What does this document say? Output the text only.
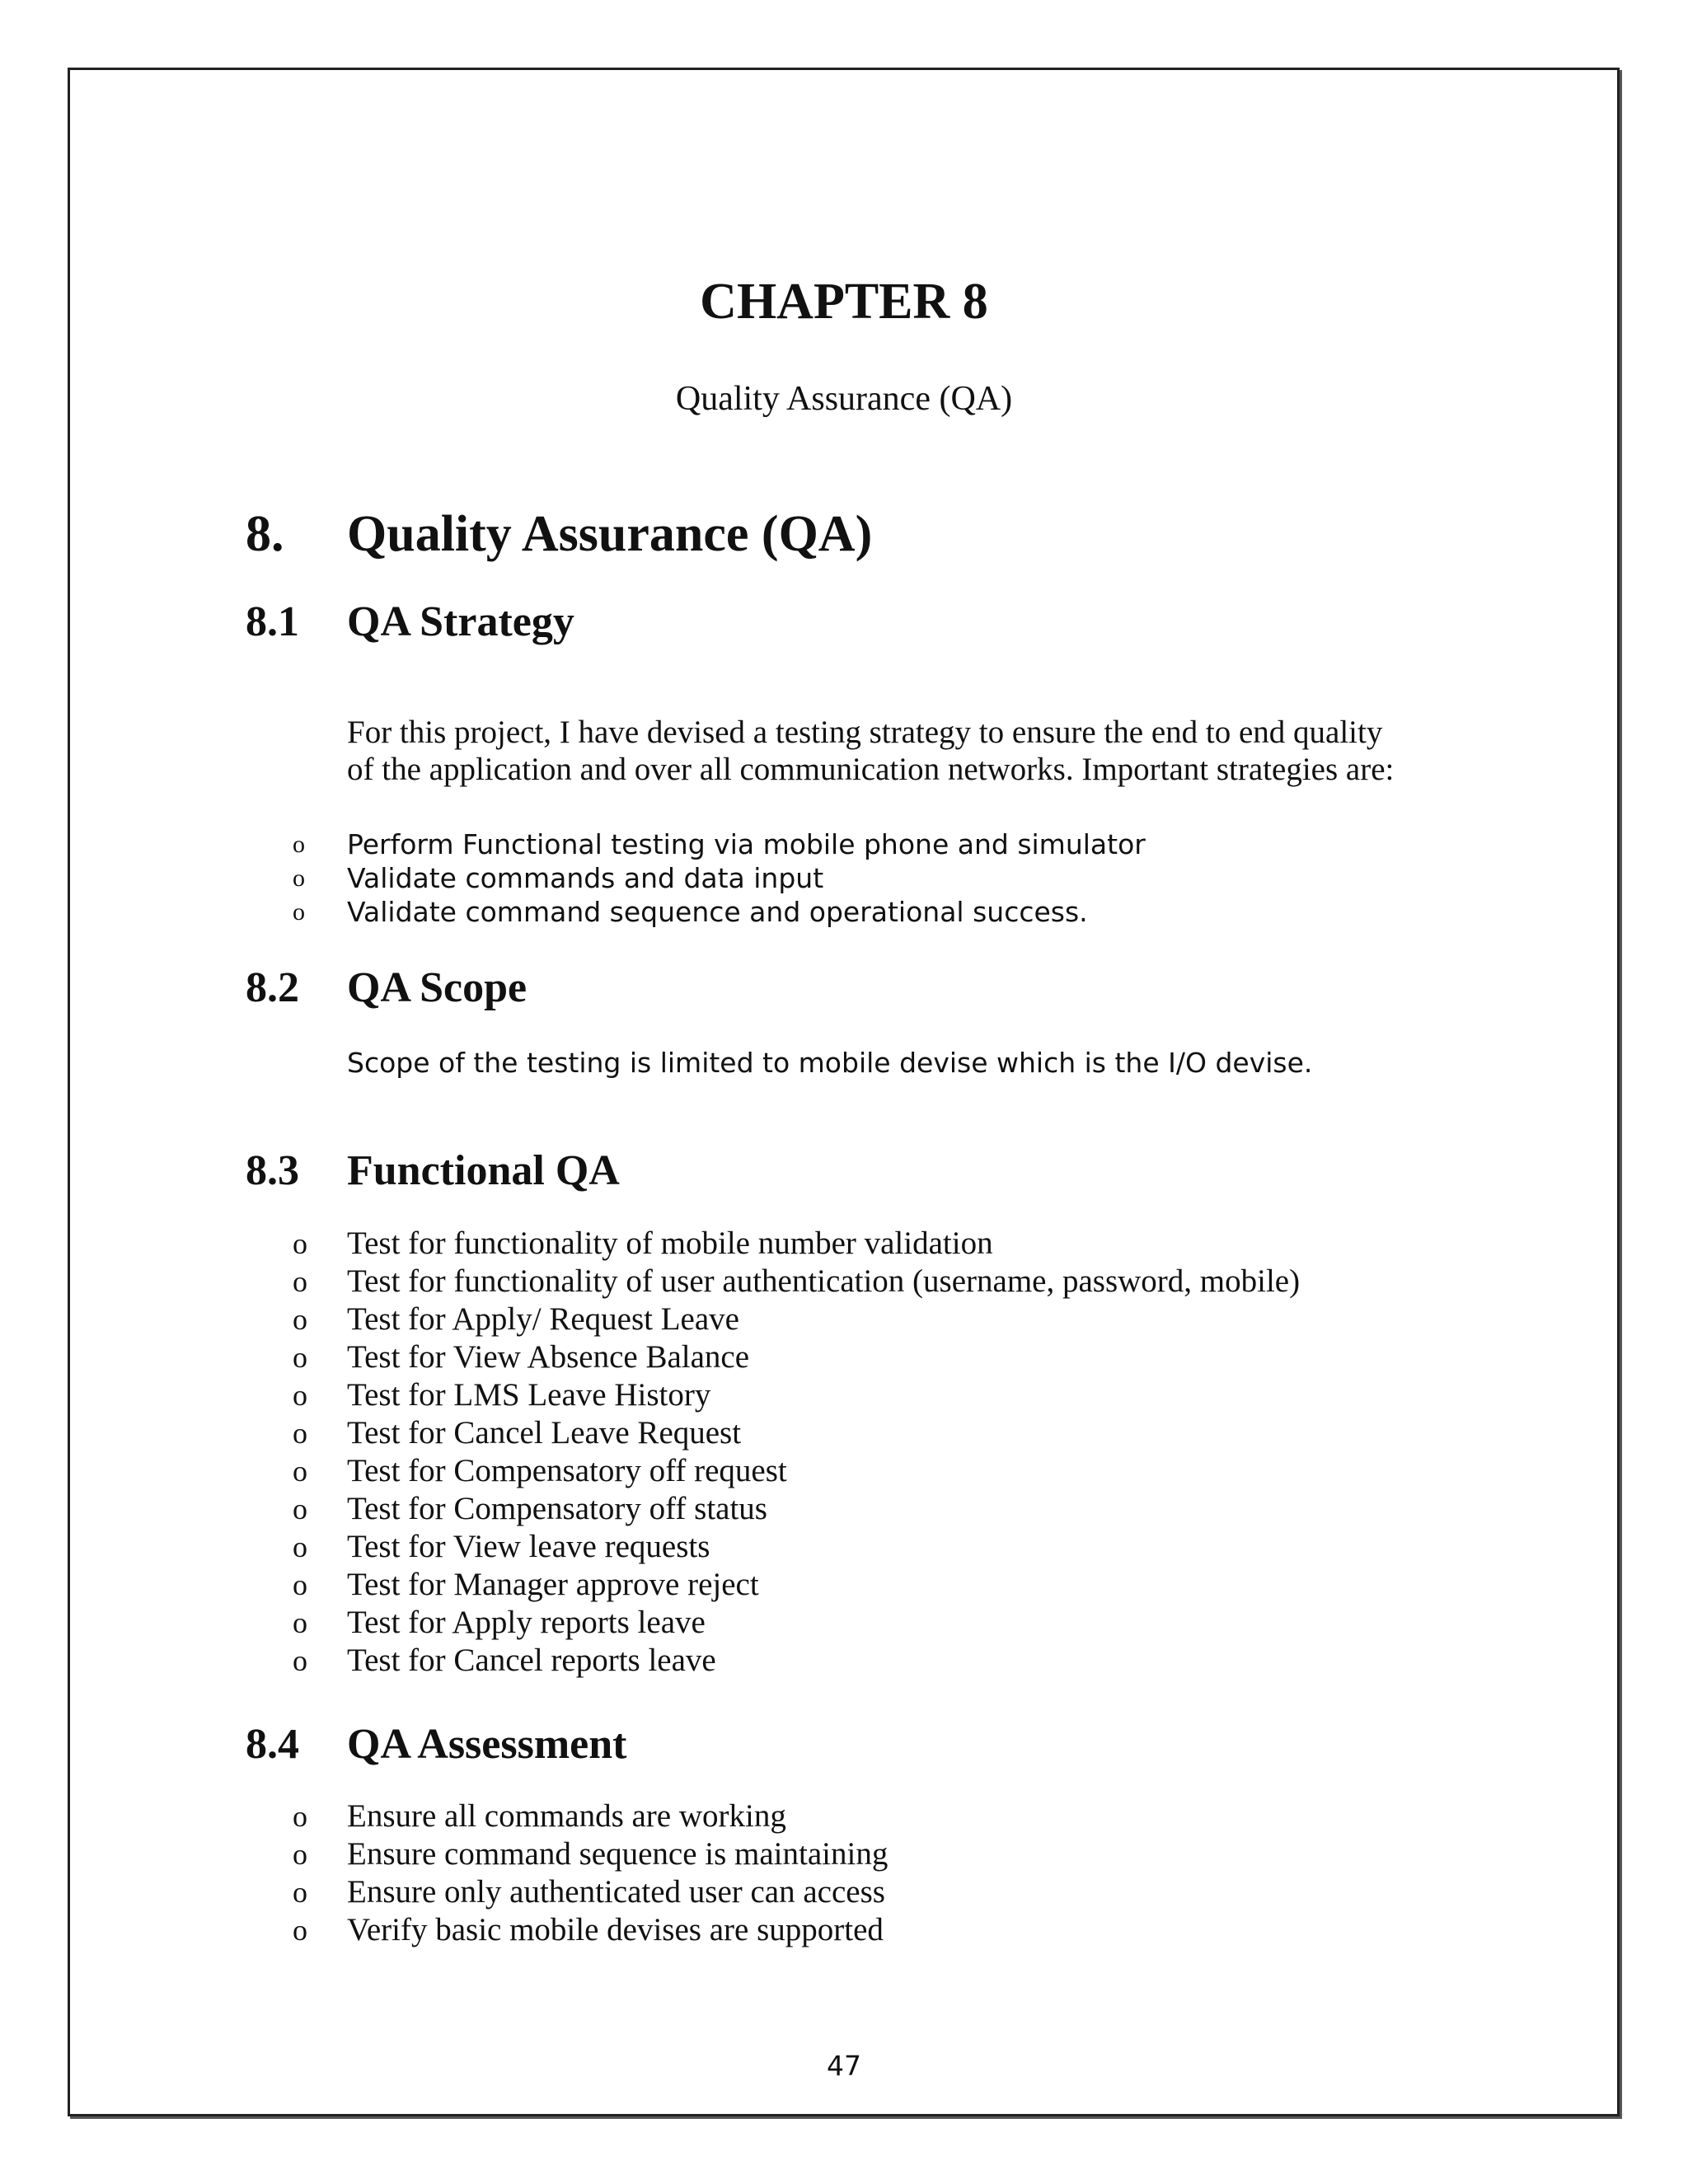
CHAPTER 8
Quality Assurance (QA)
8. Quality Assurance (QA)
8.1 QA Strategy
For this project, I have devised a testing strategy to ensure the end to end quality
of the application and over all communication networks. Important strategies are:
o Perform Functional testing via mobile phone and simulator
o Validate commands and data input
o Validate command sequence and operational success.
8.2 QA Scope
Scope of the testing is limited to mobile devise which is the I/O devise.
8.3 Functional QA
o Test for functionality of mobile number validation
o Test for functionality of user authentication (username, password, mobile)
o Test for Apply/ Request Leave
o Test for View Absence Balance
o Test for LMS Leave History
o Test for Cancel Leave Request
o Test for Compensatory off request
o Test for Compensatory off status
o Test for View leave requests
o Test for Manager approve reject
o Test for Apply reports leave
o Test for Cancel reports leave
8.4 QA Assessment
o Ensure all commands are working
o Ensure command sequence is maintaining
o Ensure only authenticated user can access
o Verify basic mobile devises are supported
47
